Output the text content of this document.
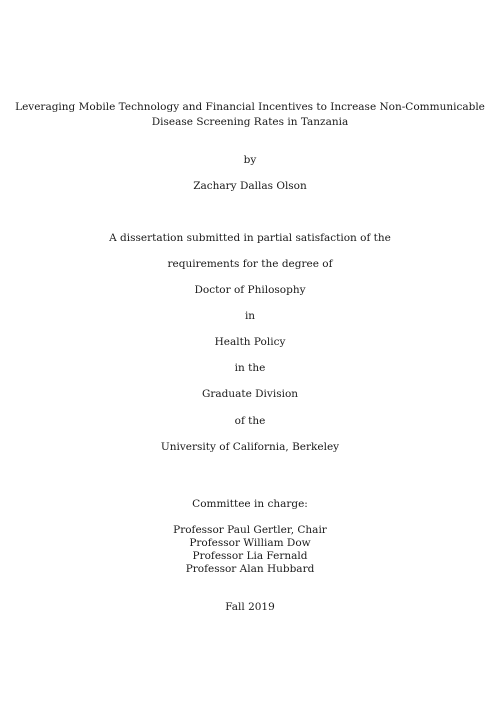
Leveraging Mobile Technology and Financial Incentives to Increase Non-Communicable
Disease Screening Rates in Tanzania
by
Zachary Dallas Olson
A dissertation submitted in partial satisfaction of the
requirements for the degree of
Doctor of Philosophy
in
Health Policy
in the
Graduate Division
of the
University of California, Berkeley
Committee in charge:
Professor Paul Gertler, Chair
Professor William Dow
Professor Lia Fernald
Professor Alan Hubbard
Fall 2019
